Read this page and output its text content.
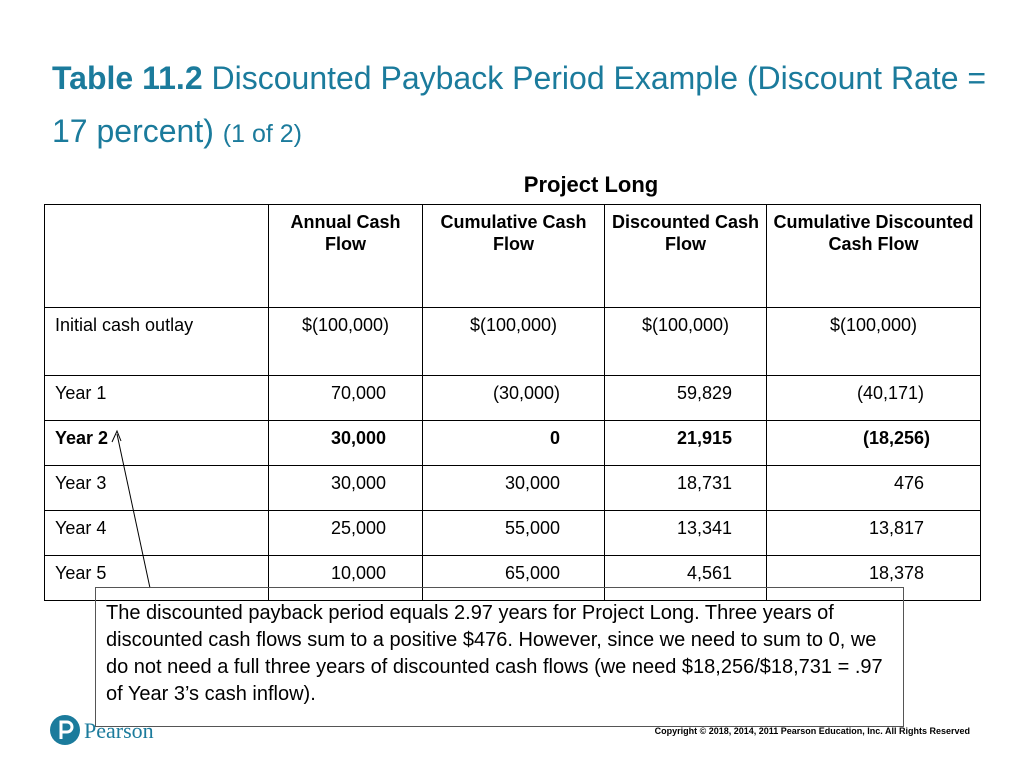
Table 11.2 Discounted Payback Period Example (Discount Rate = 17 percent) (1 of 2)
Project Long
	Annual Cash Flow	Cumulative Cash Flow	Discounted Cash Flow	Cumulative Discounted Cash Flow
Initial cash outlay	$(100,000)	$(100,000)	$(100,000)	$(100,000)
Year 1	70,000	(30,000)	59,829	(40,171)
Year 2	30,000	0	21,915	(18,256)
Year 3	30,000	30,000	18,731	476
Year 4	25,000	55,000	13,341	13,817
Year 5	10,000	65,000	4,561	18,378
The discounted payback period equals 2.97 years for Project Long. Three years of discounted cash flows sum to a positive $476. However, since we need to sum to 0, we do not need a full three years of discounted cash flows (we need $18,256/$18,731 = .97 of Year 3’s cash inflow).
Pearson	Copyright © 2018, 2014, 2011 Pearson Education, Inc. All Rights Reserved
